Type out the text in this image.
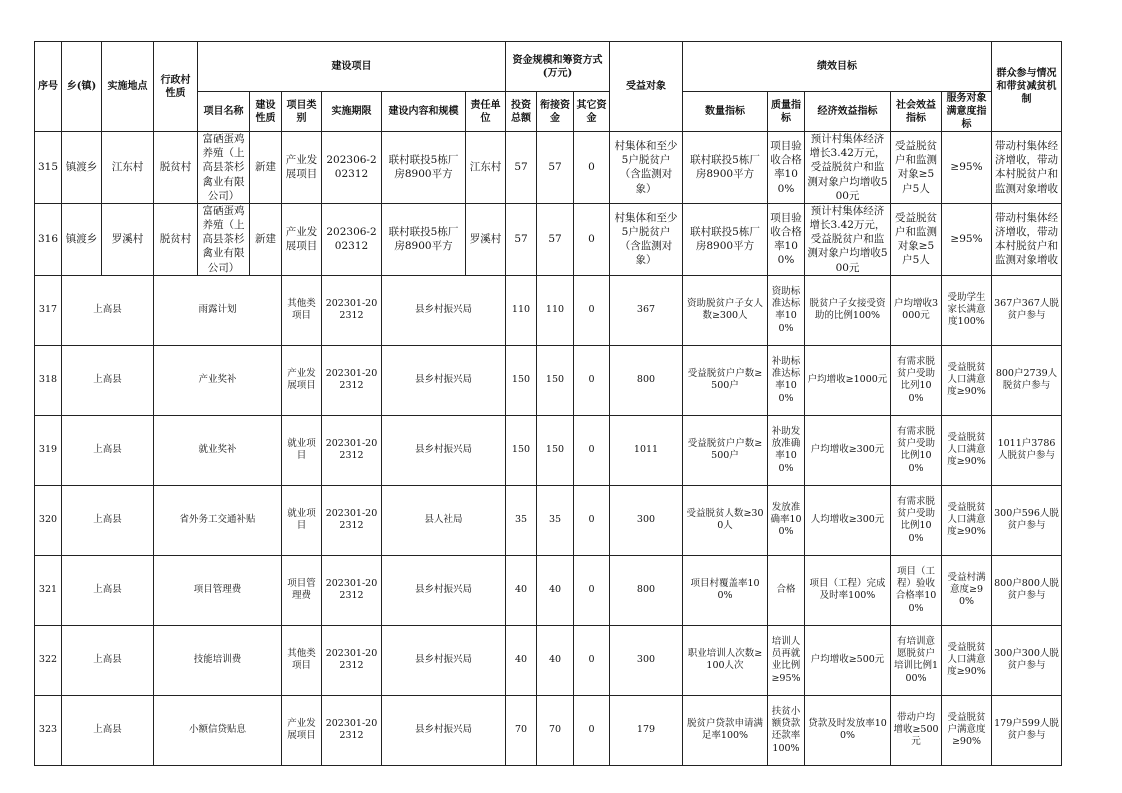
序号	乡(镇)	实施地点	行政村性质	建设项目						资金规模和筹资方式(万元)			受益对象	绩效目标					群众参与情况和带贫减贫机制
				项目名称	建设性质	项目类别	实施期限	建设内容和规模	责任单位	投资总额	衔接资金	其它资金		数量指标	质量指标	经济效益指标	社会效益指标	服务对象满意度指标	
315	镇渡乡	江东村	脱贫村	富硒蛋鸡养殖（上高县茶杉禽业有限公司）	新建	产业发展项目	202306-202312	联村联投5栋厂房8900平方	江东村	57	57	0	村集体和至少5户脱贫户（含监测对象）	联村联投5栋厂房8900平方	项目验收合格率100%	预计村集体经济增长3.42万元，受益脱贫户和监测对象户均增收500元	受益脱贫户和监测对象≥5户5人	≥95%	带动村集体经济增收，带动本村脱贫户和监测对象增收
316	镇渡乡	罗溪村	脱贫村	富硒蛋鸡养殖（上高县茶杉禽业有限公司）	新建	产业发展项目	202306-202312	联村联投5栋厂房8900平方	罗溪村	57	57	0	村集体和至少5户脱贫户（含监测对象）	联村联投5栋厂房8900平方	项目验收合格率100%	预计村集体经济增长3.42万元，受益脱贫户和监测对象户均增收500元	受益脱贫户和监测对象≥5户5人	≥95%	带动村集体经济增收，带动本村脱贫户和监测对象增收
317	上高县		雨露计划			其他类项目	202301-202312	县乡村振兴局		110	110	0	367	资助脱贫户子女人数≥300人	资助标准达标率100%	脱贫户子女接受资助的比例100%	户均增收3000元	受助学生家长满意度100%	367户367人脱贫户参与
318	上高县		产业奖补			产业发展项目	202301-202312	县乡村振兴局		150	150	0	800	受益脱贫户户数≥500户	补助标准达标率100%	户均增收≥1000元	有需求脱贫户受助比列100%	受益脱贫人口满意度≥90%	800户2739人脱贫户参与
319	上高县		就业奖补			就业项目	202301-202312	县乡村振兴局		150	150	0	1011	受益脱贫户户数≥500户	补助发放准确率100%	户均增收≥300元	有需求脱贫户受助比例100%	受益脱贫人口满意度≥90%	1011户3786人脱贫户参与
320	上高县		省外务工交通补贴			就业项目	202301-202312	县人社局		35	35	0	300	受益脱贫人数≥300人	发放准确率100%	人均增收≥300元	有需求脱贫户受助比例100%	受益脱贫人口满意度≥90%	300户596人脱贫户参与
321	上高县		项目管理费			项目管理费	202301-202312	县乡村振兴局		40	40	0	800	项目村覆盖率100%	合格	项目（工程）完成及时率100%	项目（工程）验收合格率100%	受益村满意度≥90%	800户800人脱贫户参与
322	上高县		技能培训费			其他类项目	202301-202312	县乡村振兴局		40	40	0	300	职业培训人次数≥100人次	培训人员再就业比例≥95%	户均增收≥500元	有培训意愿脱贫户培训比例100%	受益脱贫人口满意度≥90%	300户300人脱贫户参与
323	上高县		小额信贷贴息			产业发展项目	202301-202312	县乡村振兴局		70	70	0	179	脱贫户贷款申请满足率100%	扶贫小额贷款还款率100%	贷款及时发放率100%	带动户均增收≥500元	受益脱贫户满意度≥90%	179户599人脱贫户参与
